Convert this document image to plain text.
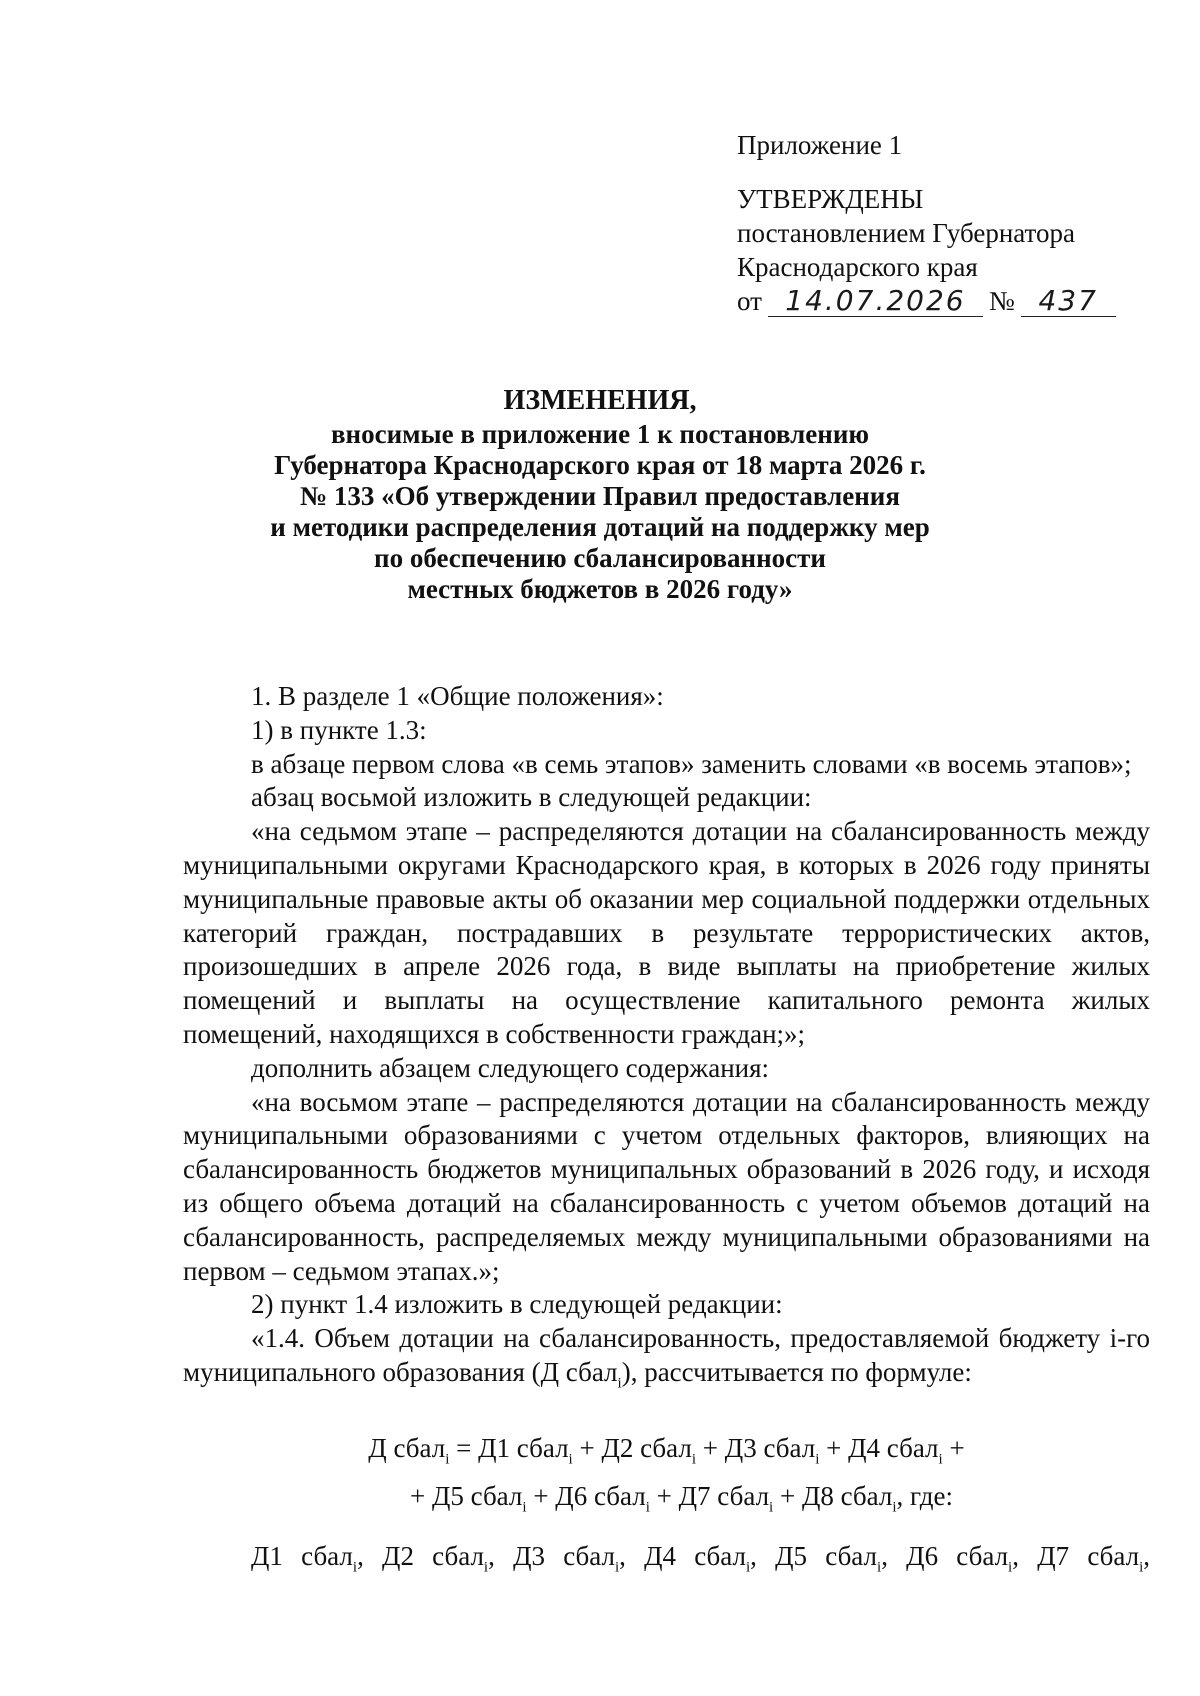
Приложение 1
УТВЕРЖДЕНЫ
постановлением Губернатора
Краснодарского края
от 14.07.2026 № 437
ИЗМЕНЕНИЯ,
вносимые в приложение 1 к постановлению
Губернатора Краснодарского края от 18 марта 2026 г.
№ 133 «Об утверждении Правил предоставления
и методики распределения дотаций на поддержку мер
по обеспечению сбалансированности
местных бюджетов в 2026 году»

1. В разделе 1 «Общие положения»:

1) в пункте 1.3:

в абзаце первом слова «в семь этапов» заменить словами «в восемь этапов»;

абзац восьмой изложить в следующей редакции:

«на седьмом этапе – распределяются дотации на сбалансированность между муниципальными округами Краснодарского края, в которых в 2026 году приняты муниципальные правовые акты об оказании мер социальной поддержки отдельных категорий граждан, пострадавших в результате террористических актов, произошедших в апреле 2026 года, в виде выплаты на приобретение жилых помещений и выплаты на осуществление капитального ремонта жилых помещений, находящихся в собственности граждан;»;

дополнить абзацем следующего содержания:

«на восьмом этапе – распределяются дотации на сбалансированность между муниципальными образованиями с учетом отдельных факторов, влияющих на сбалансированность бюджетов муниципальных образований в 2026 году, и исходя из общего объема дотаций на сбалансированность с учетом объемов дотаций на сбалансированность, распределяемых между муниципальными образованиями на первом – седьмом этапах.»;

2) пункт 1.4 изложить в следующей редакции:

«1.4. Объем дотации на сбалансированность, предоставляемой бюджету i-го муниципального образования (Д сбал$_i$), рассчитывается по формуле:

Д сбал$_i$ = Д1 сбал$_i$ + Д2 сбал$_i$ + Д3 сбал$_i$ + Д4 сбал$_i$ +
+ Д5 сбал$_i$ + Д6 сбал$_i$ + Д7 сбал$_i$ + Д8 сбал$_i$, где:
Д1 сбал$_i$, Д2 сбал$_i$, Д3 сбал$_i$, Д4 сбал$_i$, Д5 сбал$_i$, Д6 сбал$_i$, Д7 сбал$_i$,
